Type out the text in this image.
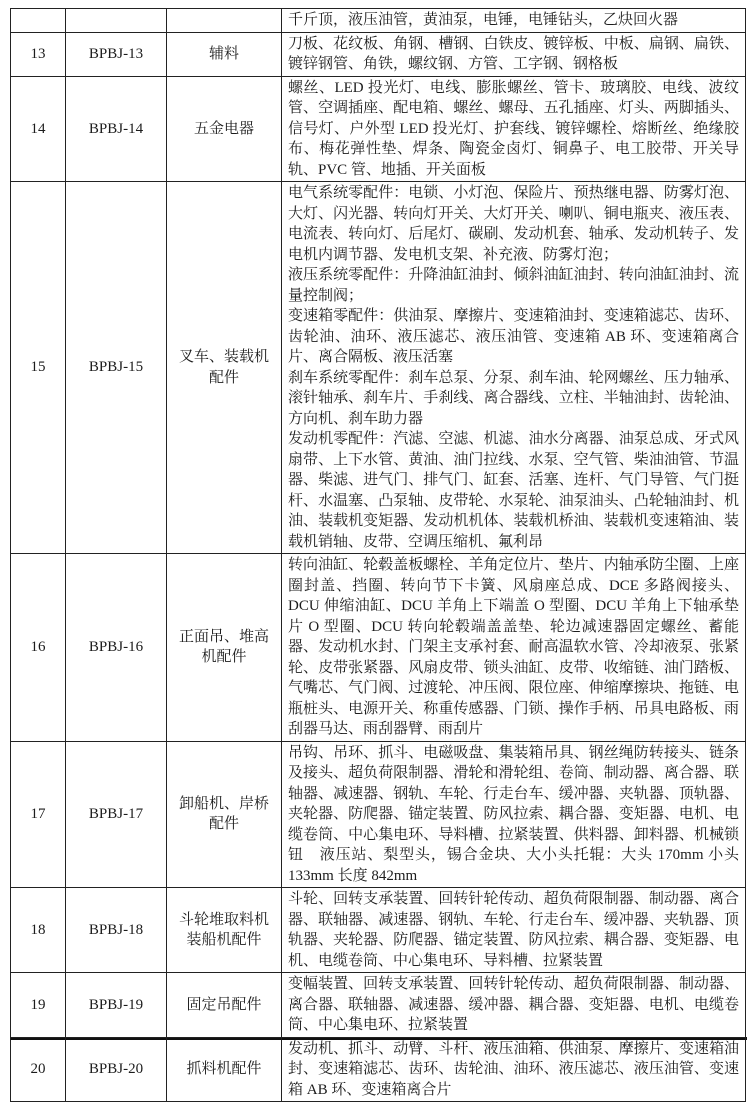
			千斤顶，液压油管，黄油泵，电锤，电锤钻头，乙炔回火器

13	BPBJ-13	辅料	刀板、花纹板、角钢、槽钢、白铁皮、镀锌板、中板、扁钢、扁铁、镀锌钢管、角铁，螺纹钢、方管、工字钢、钢格板

14	BPBJ-14	五金电器	螺丝、LED 投光灯、电线、膨胀螺丝、管卡、玻璃胶、电线、波纹管、空调插座、配电箱、螺丝、螺母、五孔插座、灯头、两脚插头、信号灯、户外型 LED 投光灯、护套线、镀锌螺栓、熔断丝、绝缘胶布、梅花弹性垫、焊条、陶瓷金卤灯、铜鼻子、电工胶带、开关导轨、PVC 管、地插、开关面板

15	BPBJ-15	叉车、装载机配件	电气系统零配件：电锁、小灯泡、保险片、预热继电器、防雾灯泡、大灯、闪光器、转向灯开关、大灯开关、喇叭、铜电瓶夹、液压表、电流表、转向灯、后尾灯、碳刷、发动机套、轴承、发动机转子、发电机内调节器、发电机支架、补充液、防雾灯泡；
液压系统零配件：升降油缸油封、倾斜油缸油封、转向油缸油封、流量控制阀；
变速箱零配件：供油泵、摩擦片、变速箱油封、变速箱滤芯、齿环、齿轮油、油环、液压滤芯、液压油管、变速箱 AB 环、变速箱离合片、离合隔板、液压活塞
刹车系统零配件：刹车总泵、分泵、刹车油、轮网螺丝、压力轴承、滚针轴承、刹车片、手刹线、离合器线、立柱、半轴油封、齿轮油、方向机、刹车助力器
发动机零配件：汽滤、空滤、机滤、油水分离器、油泵总成、牙式风扇带、上下水管、黄油、油门拉线、水泵、空气管、柴油油管、节温器、柴滤、进气门、排气门、缸套、活塞、连杆、气门导管、气门挺杆、水温塞、凸泵轴、皮带轮、水泵轮、油泵油头、凸轮轴油封、机油、装载机变矩器、发动机机体、装载机桥油、装载机变速箱油、装载机销轴、皮带、空调压缩机、氟利昂

16	BPBJ-16	正面吊、堆高机配件	转向油缸、轮毂盖板螺栓、羊角定位片、垫片、内轴承防尘圈、上座圈封盖、挡圈、转向节下卡簧、风扇座总成、DCE 多路阀接头、DCU 伸缩油缸、DCU 羊角上下端盖 O 型圈、DCU 羊角上下轴承垫片 O 型圈、DCU 转向轮毂端盖盖垫、轮边减速器固定螺丝、蓄能器、发动机水封、门架主支承衬套、耐高温软水管、冷却液泵、张紧轮、皮带张紧器、风扇皮带、锁头油缸、皮带、收缩链、油门踏板、气嘴芯、气门阀、过渡轮、冲压阀、限位座、伸缩摩擦块、拖链、电瓶桩头、电源开关、称重传感器、门锁、操作手柄、吊具电路板、雨刮器马达、雨刮器臂、雨刮片

17	BPBJ-17	卸船机、岸桥配件	吊钩、吊环、抓斗、电磁吸盘、集装箱吊具、钢丝绳防转接头、链条及接头、超负荷限制器、滑轮和滑轮组、卷筒、制动器、离合器、联轴器、减速器、钢轨、车轮、行走台车、缓冲器、夹轨器、顶轨器、夹轮器、防爬器、锚定装置、防风拉索、耦合器、变矩器、电机、电缆卷筒、中心集电环、导料槽、拉紧装置、供料器、卸料器、机械锁钮　液压站、梨型头，锡合金块、大小头托辊：大头 170mm 小头 133mm 长度 842mm

18	BPBJ-18	斗轮堆取料机装船机配件	斗轮、回转支承装置、回转针轮传动、超负荷限制器、制动器、离合器、联轴器、减速器、钢轨、车轮、行走台车、缓冲器、夹轨器、顶轨器、夹轮器、防爬器、锚定装置、防风拉索、耦合器、变矩器、电机、电缆卷筒、中心集电环、导料槽、拉紧装置

19	BPBJ-19	固定吊配件	变幅装置、回转支承装置、回转针轮传动、超负荷限制器、制动器、离合器、联轴器、减速器、缓冲器、耦合器、变矩器、电机、电缆卷筒、中心集电环、拉紧装置

20	BPBJ-20	抓料机配件	发动机、抓斗、动臂、斗杆、液压油箱、供油泵、摩擦片、变速箱油封、变速箱滤芯、齿环、齿轮油、油环、液压滤芯、液压油管、变速箱 AB 环、变速箱离合片
